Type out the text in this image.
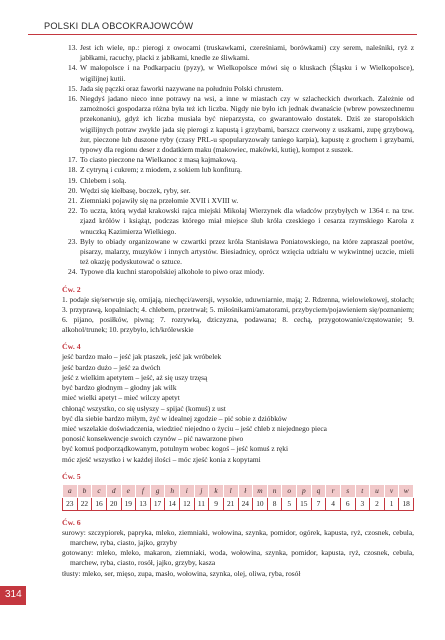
POLSKI DLA OBCOKRAJOWCÓW
13. Jest ich wiele, np.: pierogi z owocami (truskawkami, czereśniami, borówkami) czy serem, naleśniki, ryż z jabłkami, racuchy, placki z jabłkami, knedle ze śliwkami.
14. W małopolsce i na Podkarpaciu (pyzy), w Wielkopolsce mówi się o kluskach (Śląsku i w Wielkopolsce), wigilijnej kutii.
15. Jada się pączki oraz faworki nazywane na południu Polski chrustem.
16. Niegdyś jadano nieco inne potrawy na wsi, a inne w miastach czy w szlacheckich dworkach. Zależnie od zamożności gospodarza różna była też ich liczba. Nigdy nie było ich jednak dwanaście (wbrew powszechnemu przekonaniu), gdyż ich liczba musiała być nieparzysta, co gwarantowało dostatek. Dziś ze staropolskich wigilijnych potraw zwykle jada się pierogi z kapustą i grzybami, barszcz czerwony z uszkami, zupę grzybową, żur, pieczone lub duszone ryby (czasy PRL-u spopularyzowały taniego karpia), kapustę z grochem i grzybami, typowy dla regionu deser z dodatkiem maku (makowiec, makówki, kutię), kompot z suszek.
17. To ciasto pieczone na Wielkanoc z masą kajmakową.
18. Z cytryną i cukrem; z miodem, z sokiem lub konfiturą.
19. Chlebem i solą.
20. Wędzi się kiełbasę, boczek, ryby, ser.
21. Ziemniaki pojawiły się na przełomie XVII i XVIII w.
22. To uczta, którą wydał krakowski rajca miejski Mikołaj Wierzynek dla władców przybyłych w 1364 r. na tzw. zjazd królów i książąt, podczas którego miał miejsce ślub króla czeskiego i cesarza rzymskiego Karola z wnuczką Kazimierza Wielkiego.
23. Były to obiady organizowane w czwartki przez króla Stanisława Poniatowskiego, na które zapraszał poetów, pisarzy, malarzy, muzyków i innych artystów. Biesiadnicy, oprócz wzięcia udziału w wykwintnej uczcie, mieli też okazję podyskutować o sztuce.
24. Typowe dla kuchni staropolskiej alkohole to piwo oraz miody.
Ćw. 2

1. podaje się/serwuje się, omijają, niechęci/awersji, wysokie, uduwniarnie, mają; 2. Rdzenna, wielowiekowej, stołach; 3. przyprawą, kopalniach; 4. chlebem, przetrwał; 5. miłośnikami/amatorami, przybyciem/pojawieniem się/poznaniem; 6. pijano, posiłków, piwną; 7. rozrywką, dziczyzna, podawana; 8. cechą, przygotowanie/częstowanie; 9. alkohol/trunek; 10. przybyło, ich/królewskie

Ćw. 4

jeść bardzo mało – jeść jak ptaszek, jeść jak wróbelek

jeść bardzo dużo – jeść za dwóch

jeść z wielkim apetytem – jeść, aż się uszy trzęsą

być bardzo głodnym – głodny jak wilk

mieć wielki apetyt – mieć wilczy apetyt

chłonąć wszystko, co się usłyszy – spijać (komuś) z ust

być dla siebie bardzo miłym, żyć w idealnej zgodzie – pić sobie z dzióbków

mieć wszelakie doświadczenia, wiedzieć niejedno o życiu – jeść chleb z niejednego pieca

ponosić konsekwencje swoich czynów – pić nawarzone piwo

być komuś podporządkowanym, potulnym wobec kogoś – jeść komuś z ręki

móc zjeść wszystko i w każdej ilości – móc zjeść konia z kopytami

Ćw. 5
a	b	c	d	e	f	g	h	i	j	k	l	ł	m	n	o	p	q	r	s	t	u	v	w
23	22	16	20	19	13	17	14	12	11	9	21	24	10	8	5	15	7	4	6	3	2	1	18
Ćw. 6

surowy: szczypiorek, papryka, mleko, ziemniaki, wołowina, szynka, pomidor, ogórek, kapusta, ryż, czosnek, cebula, marchew, ryba, ciasto, jajko, grzyby

gotowany: mleko, mleko, makaron, ziemniaki, woda, wołowina, szynka, pomidor, kapusta, ryż, czosnek, cebula, marchew, ryba, ciasto, rosół, jajko, grzyby, kasza

tłusty: mleko, ser, mięso, zupa, masło, wołowina, szynka, olej, oliwa, ryba, rosół

314
